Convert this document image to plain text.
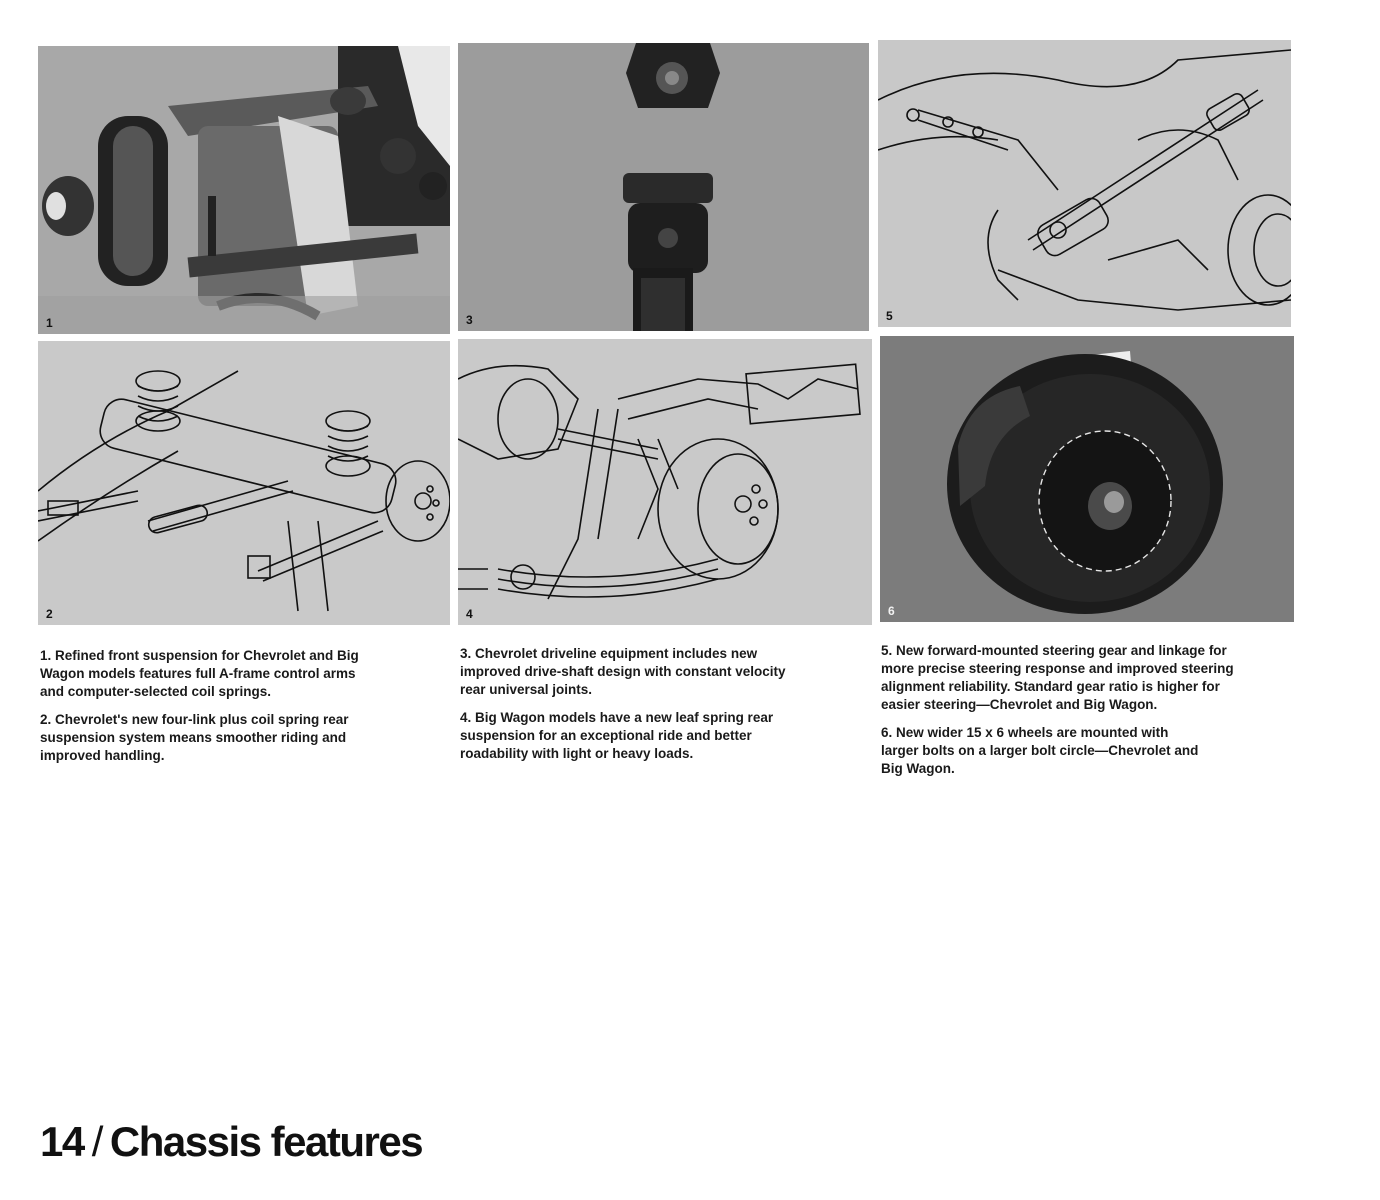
1
2
3
4
5
6

1. Refined front suspension for Chevrolet and Big Wagon models features full A-frame control arms and computer-selected coil springs.

2. Chevrolet's new four-link plus coil spring rear suspension system means smoother riding and improved handling.

3. Chevrolet driveline equipment includes new improved drive-shaft design with constant velocity rear universal joints.

4. Big Wagon models have a new leaf spring rear suspension for an exceptional ride and better roadability with light or heavy loads.

5. New forward-mounted steering gear and linkage for more precise steering response and improved steering alignment reliability. Standard gear ratio is higher for easier steering—Chevrolet and Big Wagon.

6. New wider 15 x 6 wheels are mounted with larger bolts on a larger bolt circle—Chevrolet and Big Wagon.

14 / Chassis features
